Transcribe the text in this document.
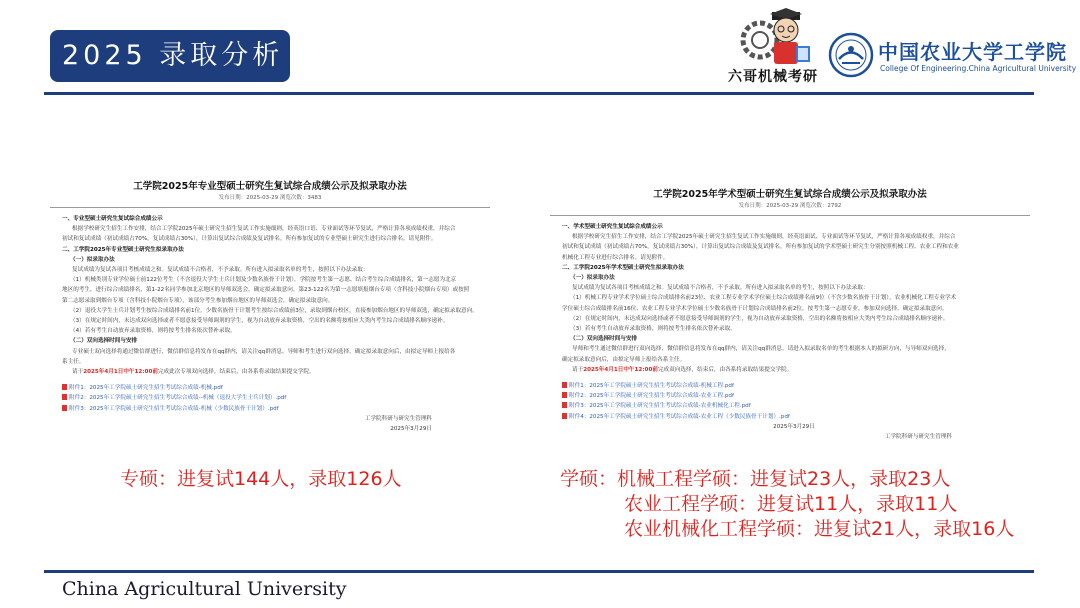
2025 录取分析
六哥机械考研
中国农业大学工学院
College Of Engineering.China Agricultural University
工学院2025年专业型硕士研究生复试综合成绩公示及拟录取办法
发布日期：2025-03-29 浏览次数：3483

一、专业型硕士研究生复试综合成绩公示

根据学校研究生招生工作安排，结合工学院2025年硕士研究生招生复试工作实施细则，经英语口语、专业面试等环节复试，严格计算各项成绩权重，并综合

初试和复试成绩（初试成绩占70%，复试成绩占30%），计算出复试综合成绩及复试排名。所有参加复试的专业型硕士研究生进行综合排名。请见附件。

二、工学院2025年专业型硕士研究生拟录取办法

（一）拟录取办法

复试成绩为复试各项目考核成绩之和。复试成绩不合格者，不予录取。所有进入拟录取名单的考生，按照以下办法录取：

（1）机械类别专业学位硕士前122位考生（不含退役大学生士兵计划及少数名族骨干计划），学院按考生第一志愿、结合考生综合成绩排名，第一志愿为北京

地区的考生，进行综合成绩排名，第1-22名同学参加北京地区的导师双选会，确定拟录取意向。第23-122名为第一志愿填报烟台专项（含科技小院烟台专项）或按照

第二志愿录取到烟台专项（含科技小院烟台专项），该部分考生参加烟台地区的导师双选会，确定拟录取意向。

（2）退役大学生士兵计划考生按综合成绩排名前1位，少数名族骨干计划考生按综合成绩前3位，录取到烟台校区，直接参加烟台地区的导师双选，确定拟录取意向。

（3）在规定时间内，未达成双向选择或者不愿意接受导师调剂的学生，视为自动放弃录取资格，空出的名额将按相应大类内考生综合成绩排名顺序递补。

（4）若有考生自动放弃录取资格，则将按考生排名依次替补录取。

（二）双向选择时间与安排

专业硕士双向选择将通过微信群进行，微信群信息将发布在qq群内，请关注qq群消息。导师和考生进行双向选择，确定拟录取意向后，由拟定导师上报给各

系主任。

请于2025年4月1日中午12:00前完成此次专项双向选择。结束后，由各系将录取结果提交学院。

附件1：2025年工学院硕士研究生招生考试综合成绩-机械.pdf

附件2：2025年工学院硕士研究生招生考试综合成绩--机械（退役大学生士兵计划）.pdf

附件3：2025年工学院硕士研究生招生考试综合成绩-机械（少数民族骨干计划）.pdf

工学院科研与研究生管理科

2025年3月29日

工学院2025年学术型硕士研究生复试综合成绩公示及拟录取办法
发布日期：2025-03-29 浏览次数：2792

一、学术型硕士研究生复试综合成绩公示

根据学校研究生招生工作安排，结合工学院2025年硕士研究生招生复试工作实施细则，经英语面试、专业面试等环节复试，严格计算各项成绩权重，并综合

初试和复试成绩（初试成绩占70%，复试成绩占30%），计算出复试综合成绩及复试排名。所有参加复试的学术型硕士研究生分别按照机械工程、农业工程和农业

机械化工程专业进行综合排名。请见附件。

二、工学院2025年学术型硕士研究生拟录取办法

（一）拟录取办法

复试成绩为复试各项目考核成绩之和。复试成绩不合格者，不予录取。所有进入拟录取名单的考生，按照以下办法录取：

（1）机械工程专业学术学位硕士综合成绩排名前23位、农业工程专业学术学位硕士综合成绩排名前9位（不含少数名族骨干计划），农业机械化工程专业学术

学位硕士综合成绩排名前16位、农业工程专业学术学位硕士少数名族骨干计划综合成绩排名前2位，按考生第一志愿专业，参加双向选择，确定拟录取意向。

（2）在规定时间内，未达成双向选择或者不愿意接受导师调剂的学生，视为自动放弃录取资格，空出的名额将按相应大类内考生综合成绩排名顺序递补。

（3）若有考生自动放弃录取资格，则将按考生排名依次替补录取。

（二）双向选择时间与安排

导师和考生通过微信群进行双向选择，微信群信息将发布在qq群内，请关注qq群消息。请进入拟录取名单的考生根据本人的拟研方向，与导师双向选择，

确定拟录取意向后，由拟定导师上报给各系主任。

请于2025年4月1日中午12:00前完成双向选择，结束后，由各系将录取结果提交学院。

附件1：2025年工学院硕士研究生招生考试综合成绩-机械工程.pdf

附件2：2025年工学院硕士研究生招生考试综合成绩-农业工程.pdf

附件3：2025年工学院硕士研究生招生考试综合成绩-农业机械化工程.pdf

附件4：2025年工学院硕士研究生招生考试综合成绩-农业工程（少数民族骨干计划）.pdf

2025年3月29日

工学院科研与研究生管理科

专硕：进复试144人，录取126人	学硕：机械工程学硕：进复试23人，录取23人
农业工程学硕：进复试11人，录取11人
农业机械化工程学硕：进复试21人，录取16人
China Agricultural University
